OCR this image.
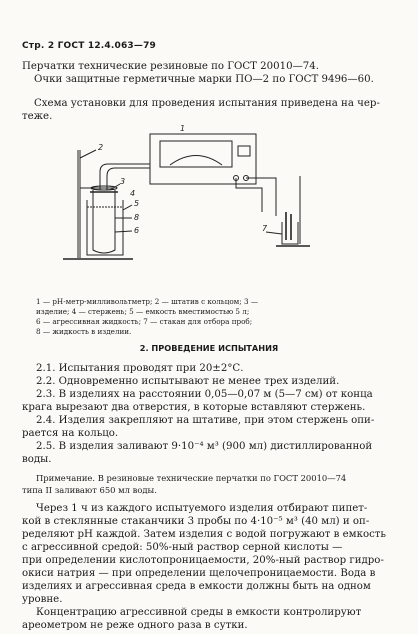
Стр. 2 ГОСТ 12.4.063—79
Перчатки технические резиновые по ГОСТ 20010—74.
Очки защитные герметичные марки ПО—2 по ГОСТ 9496—60.
Схема установки для проведения испытания приведена на чер-
теже.
2
3
4
5
8
6
1
7
1 — рН-метр-милливольтметр; 2 — штатив с кольцом; 3 —
изделие; 4 — стержень; 5 — емкость вместимостью 5 л;
6 — агрессивная жидкость; 7 — стакан для отбора проб;
8 — жидкость в изделии.
2. ПРОВЕДЕНИЕ ИСПЫТАНИЯ
2.1. Испытания проводят при 20±2°С.
2.2. Одновременно испытывают не менее трех изделий.
2.3. В изделиях на расстоянии 0,05—0,07 м (5—7 см) от конца
крага вырезают два отверстия, в которые вставляют стержень.
2.4. Изделия закрепляют на штативе, при этом стержень опи-
рается на кольцо.
2.5. В изделия заливают 9·10⁻⁴ м³ (900 мл) дистиллированной
воды.
Примечание. В резиновые технические перчатки по ГОСТ 20010—74
типа II заливают 650 мл воды.
Через 1 ч из каждого испытуемого изделия отбирают пипет-
кой в стеклянные стаканчики 3 пробы по 4·10⁻⁵ м³ (40 мл) и оп-
ределяют рН каждой. Затем изделия с водой погружают в емкость
с агрессивной средой: 50%-ный раствор серной кислоты —
при определении кислотопроницаемости, 20%-ный раствор гидро-
окиси натрия — при определении щелочепроницаемости. Вода в
изделиях и агрессивная среда в емкости должны быть на одном
уровне.
Концентрацию агрессивной среды в емкости контролируют
ареометром не реже одного раза в сутки.
